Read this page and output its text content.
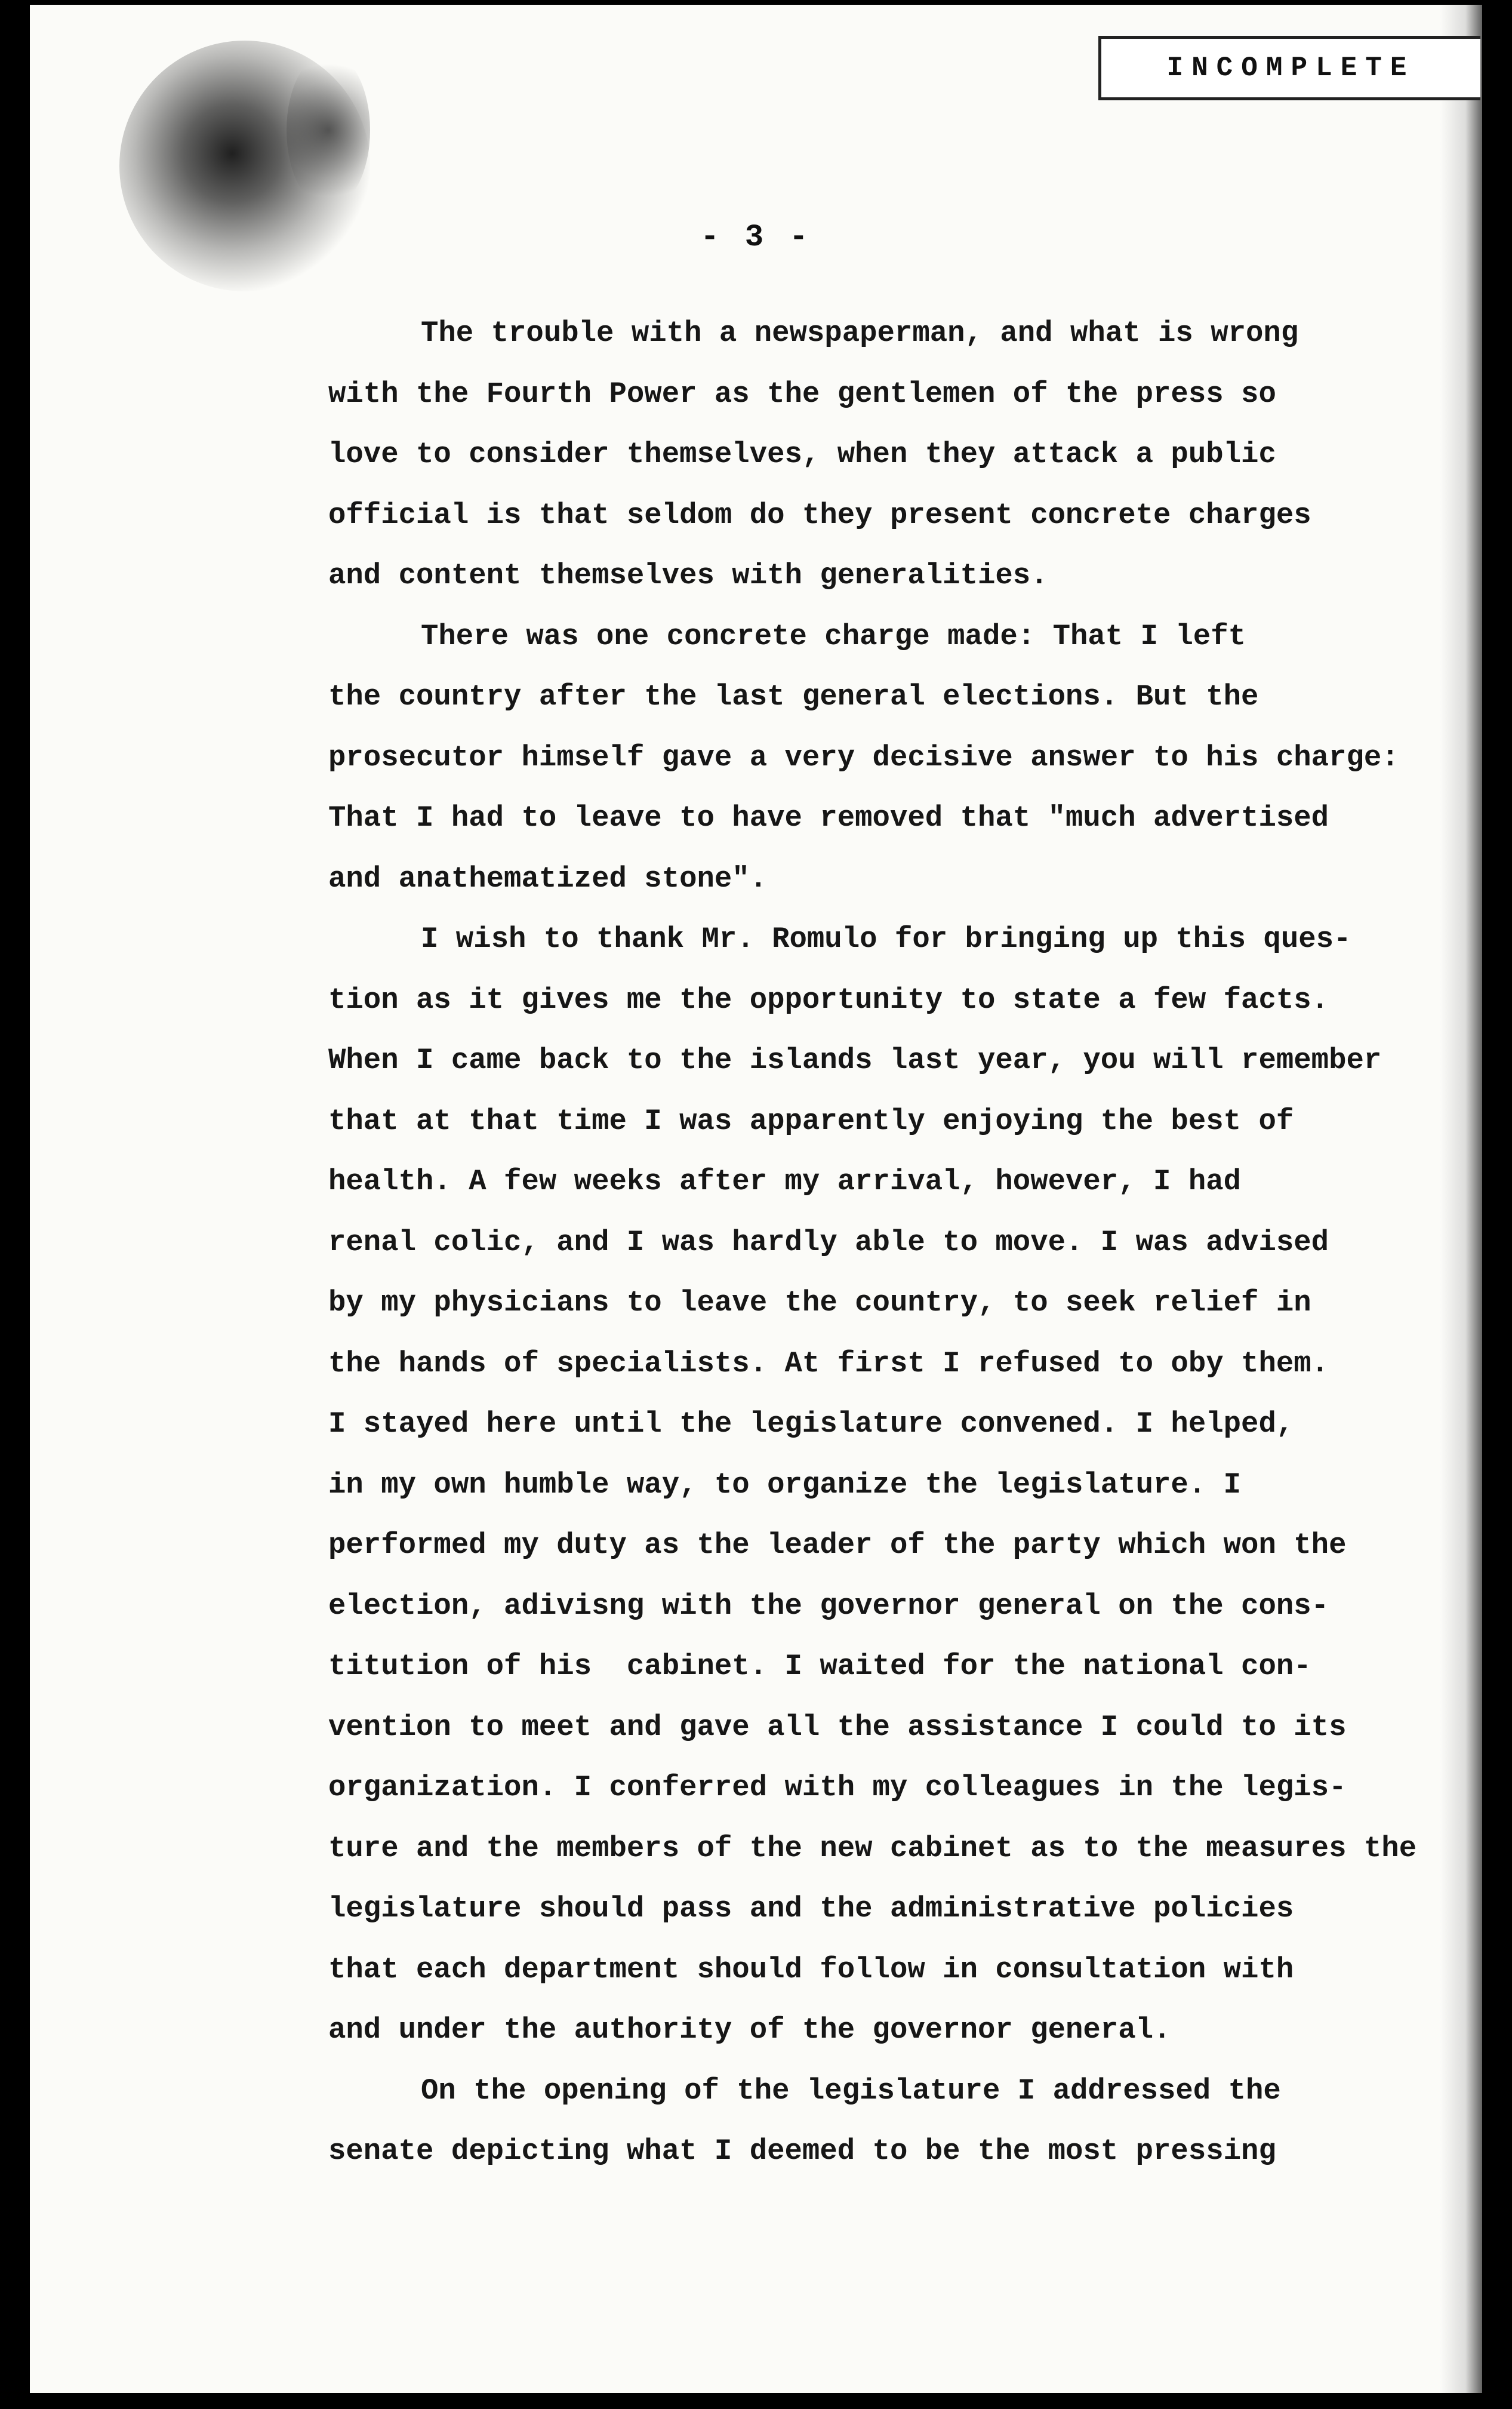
INCOMPLETE
- 3 -
The trouble with a newspaperman, and what is wrong
with the Fourth Power as the gentlemen of the press so
love to consider themselves, when they attack a public
official is that seldom do they present concrete charges
and content themselves with generalities.
There was one concrete charge made: That I left
the country after the last general elections. But the
prosecutor himself gave a very decisive answer to his charge:
That I had to leave to have removed that "much advertised
and anathematized stone".
I wish to thank Mr. Romulo for bringing up this ques-
tion as it gives me the opportunity to state a few facts.
When I came back to the islands last year, you will remember
that at that time I was apparently enjoying the best of
health. A few weeks after my arrival, however, I had
renal colic, and I was hardly able to move. I was advised
by my physicians to leave the country, to seek relief in
the hands of specialists. At first I refused to oby them.
I stayed here until the legislature convened. I helped,
in my own humble way, to organize the legislature. I
performed my duty as the leader of the party which won the
election, adivisng with the governor general on the cons-
titution of his  cabinet. I waited for the national con-
vention to meet and gave all the assistance I could to its
organization. I conferred with my colleagues in the legis-
ture and the members of the new cabinet as to the measures the
legislature should pass and the administrative policies
that each department should follow in consultation with
and under the authority of the governor general.
On the opening of the legislature I addressed the
senate depicting what I deemed to be the most pressing
